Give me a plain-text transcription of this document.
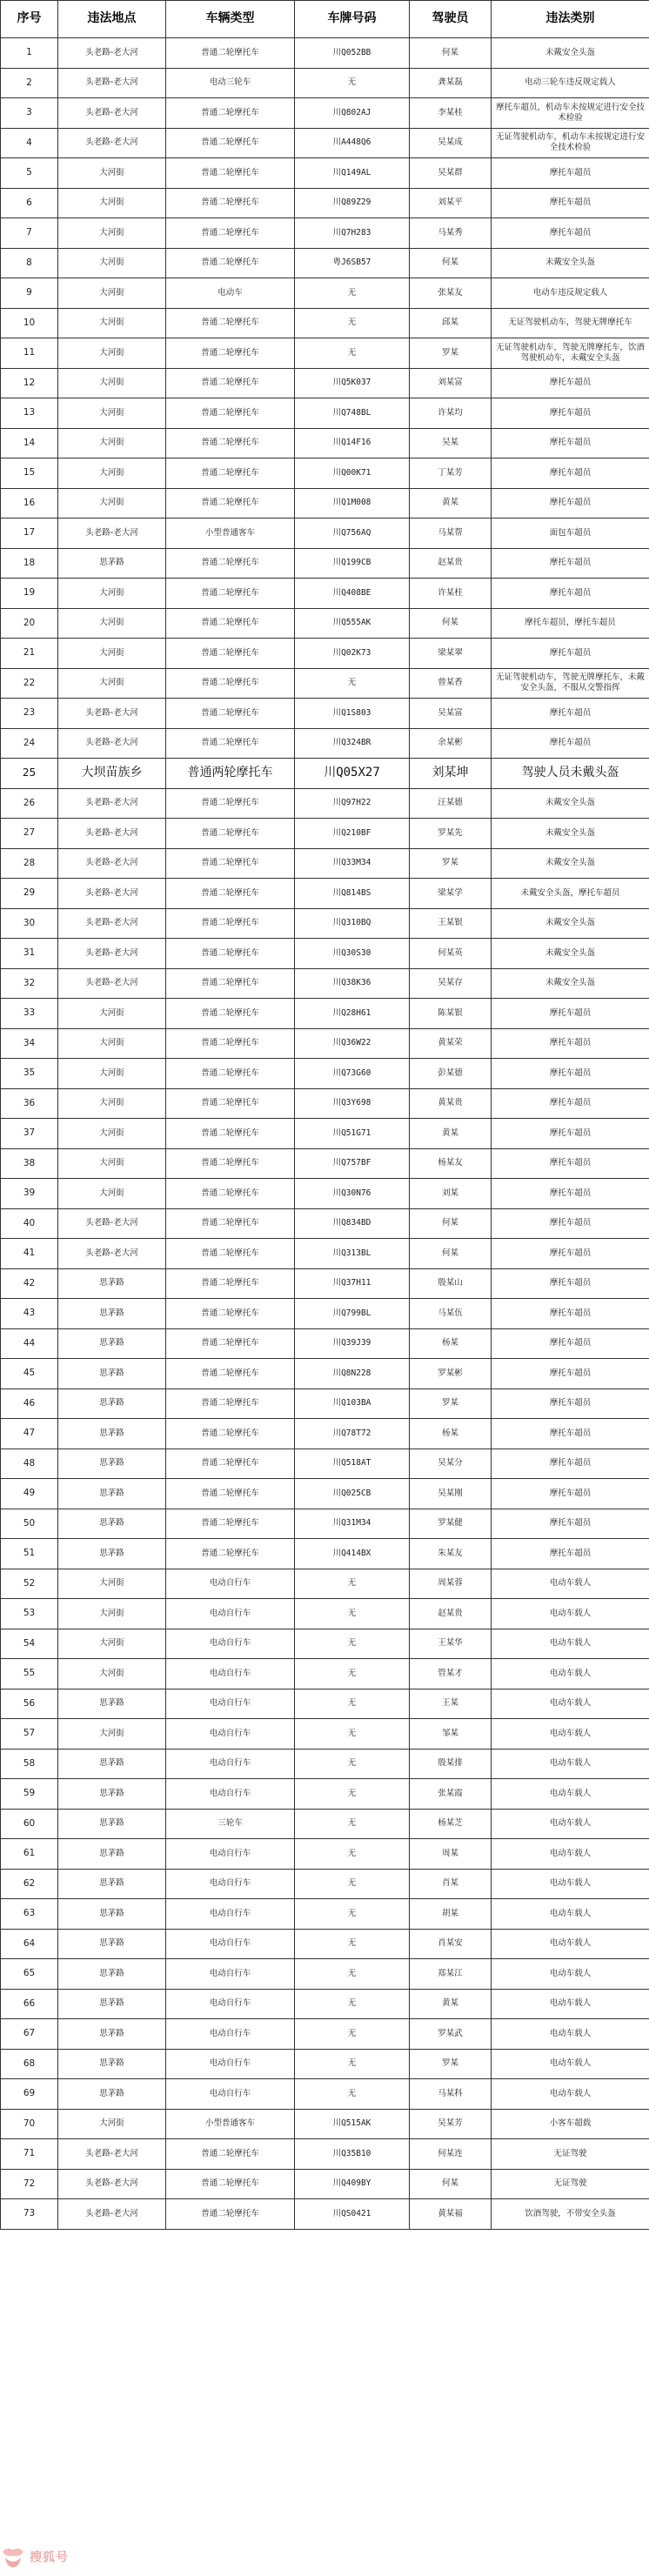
序号	违法地点	车辆类型	车牌号码	驾驶员	违法类别
1	头老路-老大河	普通二轮摩托车	川Q052BB	何某	未戴安全头盔
2	头老路-老大河	电动三轮车	无	龚某磊	电动三轮车违反规定载人
3	头老路-老大河	普通二轮摩托车	川Q802AJ	李某桂	摩托车超员，机动车未按规定进行安全技术检验
4	头老路-老大河	普通二轮摩托车	川A448Q6	吴某成	无证驾驶机动车，机动车未按规定进行安全技术检验
5	大河街	普通二轮摩托车	川Q149AL	吴某群	摩托车超员
6	大河街	普通二轮摩托车	川Q89Z29	刘某平	摩托车超员
7	大河街	普通二轮摩托车	川Q7H283	马某秀	摩托车超员
8	大河街	普通二轮摩托车	粤J6SB57	何某	未戴安全头盔
9	大河街	电动车	无	张某友	电动车违反规定载人
10	大河街	普通二轮摩托车	无	邱某	无证驾驶机动车，驾驶无牌摩托车
11	大河街	普通二轮摩托车	无	罗某	无证驾驶机动车，驾驶无牌摩托车，饮酒驾驶机动车，未戴安全头盔
12	大河街	普通二轮摩托车	川Q5K037	刘某富	摩托车超员
13	大河街	普通二轮摩托车	川Q748BL	许某均	摩托车超员
14	大河街	普通二轮摩托车	川Q14F16	吴某	摩托车超员
15	大河街	普通二轮摩托车	川Q00K71	丁某芳	摩托车超员
16	大河街	普通二轮摩托车	川Q1M008	黄某	摩托车超员
17	头老路-老大河	小型普通客车	川Q756AQ	马某帮	面包车超员
18	思茅路	普通二轮摩托车	川Q199CB	赵某贵	摩托车超员
19	大河街	普通二轮摩托车	川Q408BE	许某柱	摩托车超员
20	大河街	普通二轮摩托车	川Q555AK	何某	摩托车超员，摩托车超员
21	大河街	普通二轮摩托车	川Q02K73	梁某翠	摩托车超员
22	大河街	普通二轮摩托车	无	曾某香	无证驾驶机动车，驾驶无牌摩托车，未戴安全头盔，不服从交警指挥
23	头老路-老大河	普通二轮摩托车	川Q1S803	吴某富	摩托车超员
24	头老路-老大河	普通二轮摩托车	川Q324BR	余某彬	摩托车超员
25	大坝苗族乡	普通两轮摩托车	川Q05X27	刘某坤	驾驶人员未戴头盔
26	头老路-老大河	普通二轮摩托车	川Q97H22	汪某德	未戴安全头盔
27	头老路-老大河	普通二轮摩托车	川Q210BF	罗某先	未戴安全头盔
28	头老路-老大河	普通二轮摩托车	川Q33M34	罗某	未戴安全头盔
29	头老路-老大河	普通二轮摩托车	川Q814BS	梁某学	未戴安全头盔，摩托车超员
30	头老路-老大河	普通二轮摩托车	川Q310BQ	王某银	未戴安全头盔
31	头老路-老大河	普通二轮摩托车	川Q30S30	何某英	未戴安全头盔
32	头老路-老大河	普通二轮摩托车	川Q38K36	吴某存	未戴安全头盔
33	大河街	普通二轮摩托车	川Q28H61	陈某银	摩托车超员
34	大河街	普通二轮摩托车	川Q36W22	黄某荣	摩托车超员
35	大河街	普通二轮摩托车	川Q73G60	彭某德	摩托车超员
36	大河街	普通二轮摩托车	川Q3Y698	黄某贵	摩托车超员
37	大河街	普通二轮摩托车	川Q51G71	黄某	摩托车超员
38	大河街	普通二轮摩托车	川Q757BF	杨某友	摩托车超员
39	大河街	普通二轮摩托车	川Q30N76	刘某	摩托车超员
40	头老路-老大河	普通二轮摩托车	川Q834BD	何某	摩托车超员
41	头老路-老大河	普通二轮摩托车	川Q313BL	何某	摩托车超员
42	思茅路	普通二轮摩托车	川Q37H11	殷某山	摩托车超员
43	思茅路	普通二轮摩托车	川Q799BL	马某伍	摩托车超员
44	思茅路	普通二轮摩托车	川Q39J39	杨某	摩托车超员
45	思茅路	普通二轮摩托车	川Q8N228	罗某彬	摩托车超员
46	思茅路	普通二轮摩托车	川Q103BA	罗某	摩托车超员
47	思茅路	普通二轮摩托车	川Q78T72	杨某	摩托车超员
48	思茅路	普通二轮摩托车	川Q518AT	吴某分	摩托车超员
49	思茅路	普通二轮摩托车	川Q025CB	吴某刚	摩托车超员
50	思茅路	普通二轮摩托车	川Q31M34	罗某健	摩托车超员
51	思茅路	普通二轮摩托车	川Q414BX	朱某友	摩托车超员
52	大河街	电动自行车	无	周某蓉	电动车载人
53	大河街	电动自行车	无	赵某贵	电动车载人
54	大河街	电动自行车	无	王某华	电动车载人
55	大河街	电动自行车	无	管某才	电动车载人
56	思茅路	电动自行车	无	王某	电动车载人
57	大河街	电动自行车	无	邹某	电动车载人
58	思茅路	电动自行车	无	殷某排	电动车载人
59	思茅路	电动自行车	无	张某霞	电动车载人
60	思茅路	三轮车	无	杨某芝	电动车载人
61	思茅路	电动自行车	无	周某	电动车载人
62	思茅路	电动自行车	无	肖某	电动车载人
63	思茅路	电动自行车	无	胡某	电动车载人
64	思茅路	电动自行车	无	肖某安	电动车载人
65	思茅路	电动自行车	无	郑某江	电动车载人
66	思茅路	电动自行车	无	黄某	电动车载人
67	思茅路	电动自行车	无	罗某武	电动车载人
68	思茅路	电动自行车	无	罗某	电动车载人
69	思茅路	电动自行车	无	马某科	电动车载人
70	大河街	小型普通客车	川Q515AK	吴某芳	小客车超载
71	头老路-老大河	普通二轮摩托车	川Q35B10	何某连	无证驾驶
72	头老路-老大河	普通二轮摩托车	川Q409BY	何某	无证驾驶
73	头老路-老大河	普通二轮摩托车	川QS0421	黄某福	饮酒驾驶，不带安全头盔
搜狐号
